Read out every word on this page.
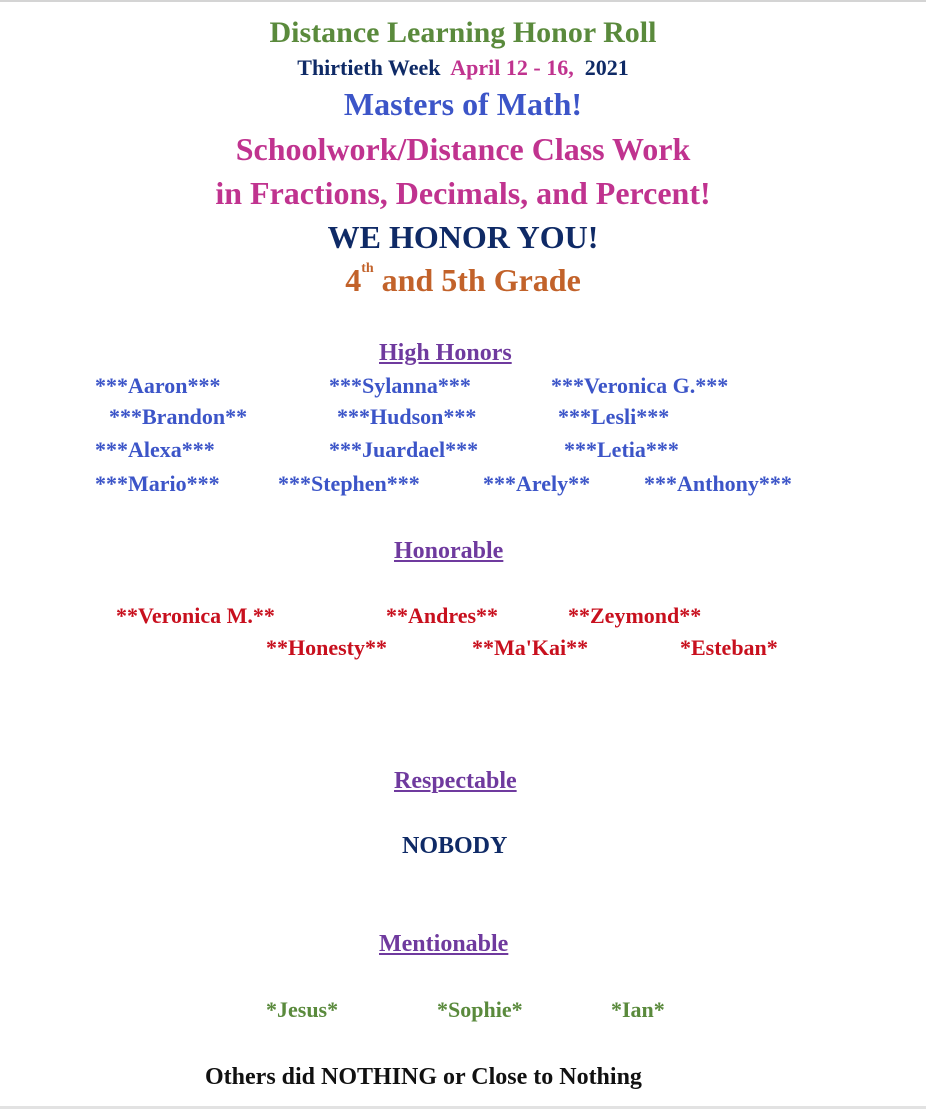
Distance Learning Honor Roll
Thirtieth Week April 12 - 16, 2021
Masters of Math!
Schoolwork/Distance Class Work
in Fractions, Decimals, and Percent!
WE HONOR YOU!
4th and 5th Grade
High Honors
***Aaron***	***Sylanna***	***Veronica G.***
***Brandon**	***Hudson***	***Lesli***
***Alexa***	***Juardael***	***Letia***
***Mario***	***Stephen***	***Arely** ***Anthony***
Honorable
**Veronica M.**	**Andres**	**Zeymond**
**Honesty**	**Ma'Kai**	*Esteban*
Respectable
NOBODY
Mentionable
*Jesus*	*Sophie*	*Ian*
Others did NOTHING or Close to Nothing
